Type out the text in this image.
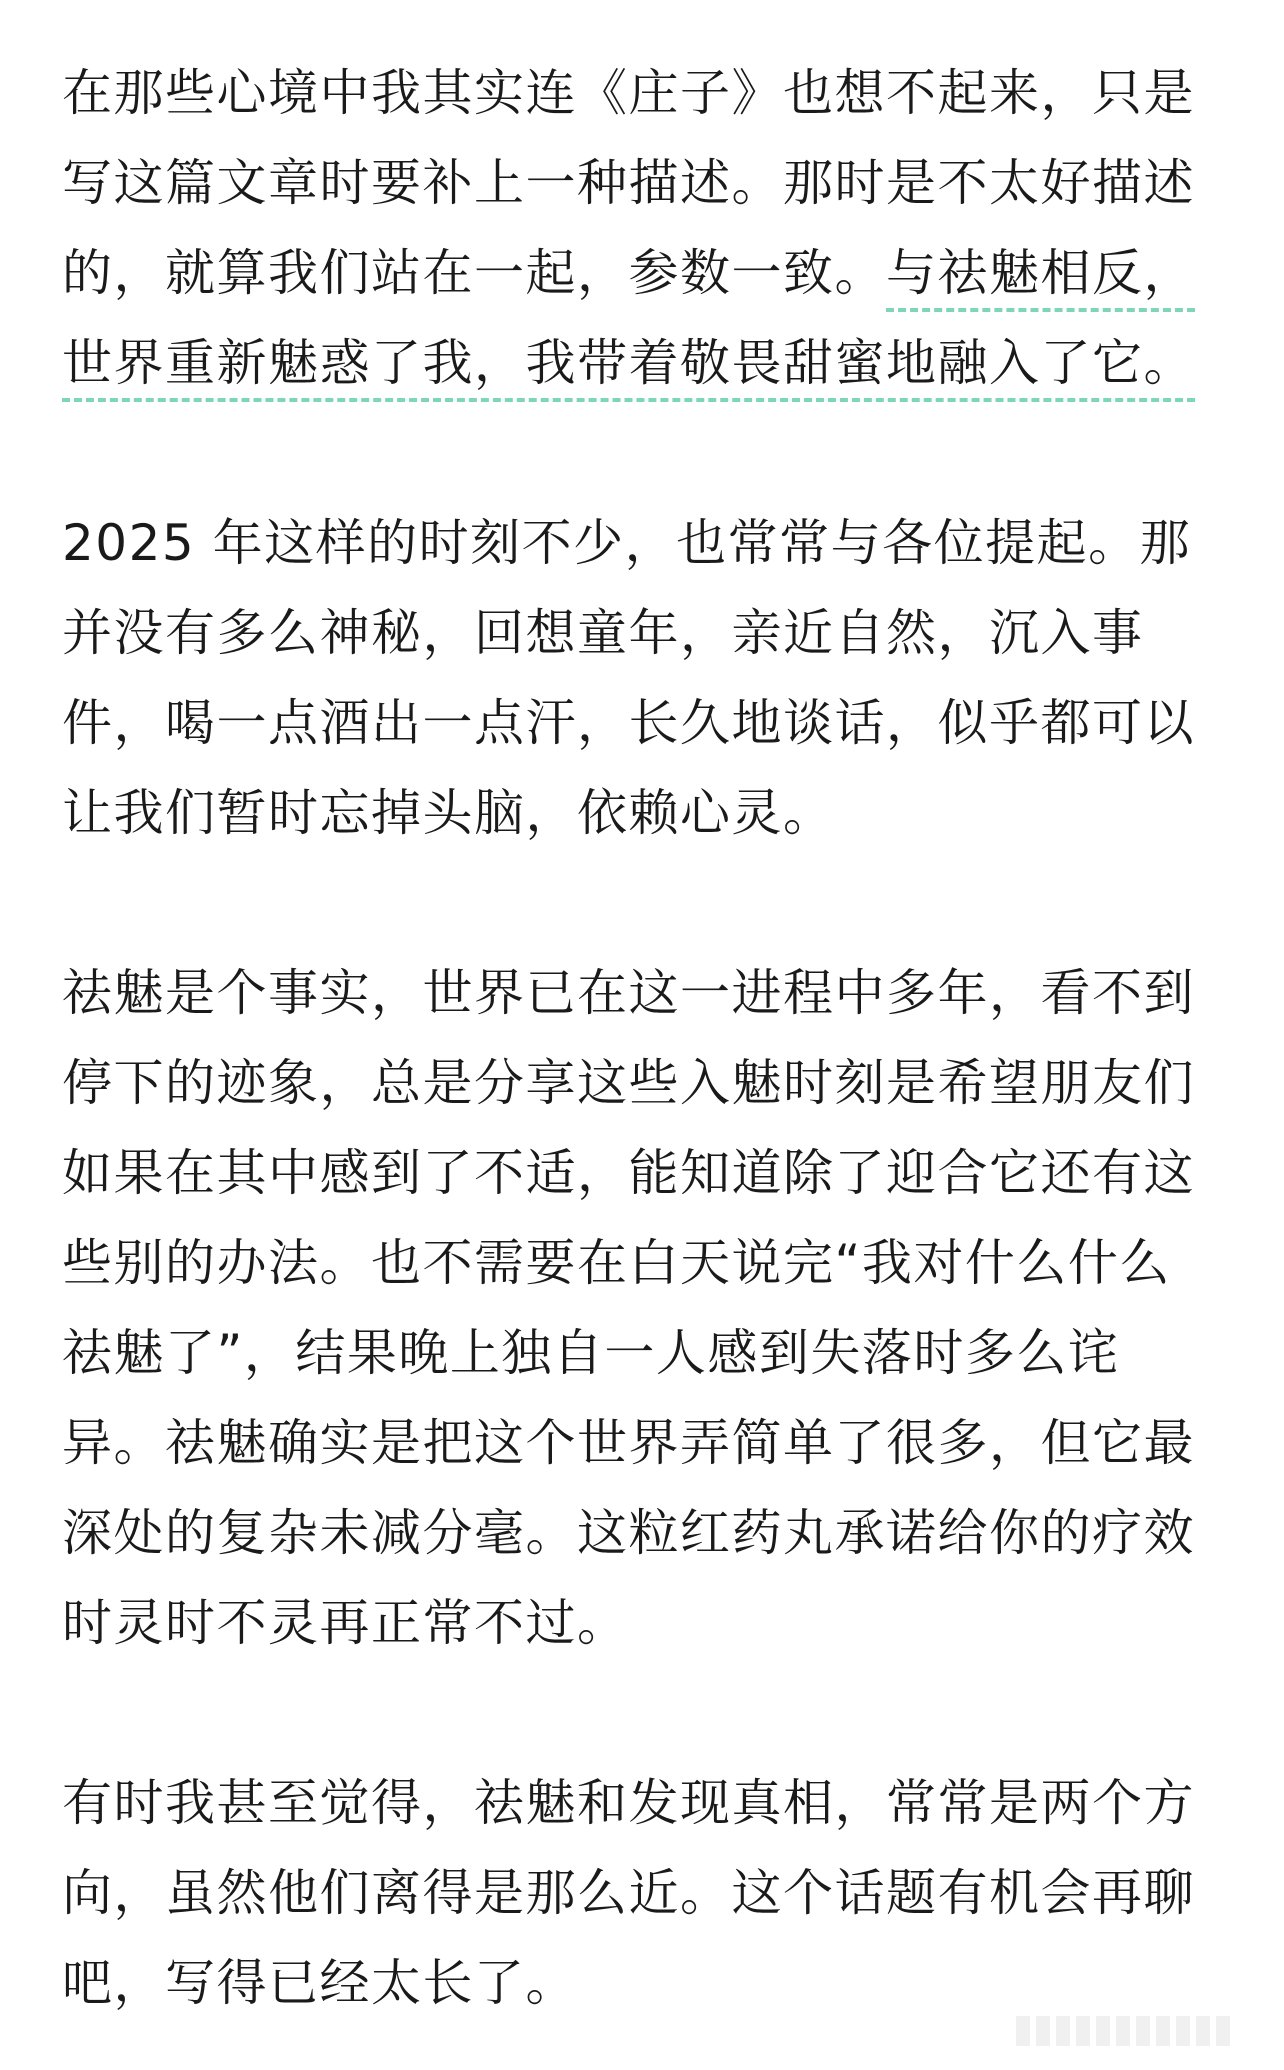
在那些心境中我其实连《庄子》也想不起来，只是
写这篇文章时要补上一种描述。那时是不太好描述
的，就算我们站在一起，参数一致。与祛魅相反，
世界重新魅惑了我，我带着敬畏甜蜜地融入了它。
2025 年这样的时刻不少，也常常与各位提起。那
并没有多么神秘，回想童年，亲近自然，沉入事
件，喝一点酒出一点汗，长久地谈话，似乎都可以
让我们暂时忘掉头脑，依赖心灵。
祛魅是个事实，世界已在这一进程中多年，看不到
停下的迹象，总是分享这些入魅时刻是希望朋友们
如果在其中感到了不适，能知道除了迎合它还有这
些别的办法。也不需要在白天说完“我对什么什么
祛魅了”，结果晚上独自一人感到失落时多么诧
异。祛魅确实是把这个世界弄简单了很多，但它最
深处的复杂未减分毫。这粒红药丸承诺给你的疗效
时灵时不灵再正常不过。
有时我甚至觉得，祛魅和发现真相，常常是两个方
向，虽然他们离得是那么近。这个话题有机会再聊
吧，写得已经太长了。
